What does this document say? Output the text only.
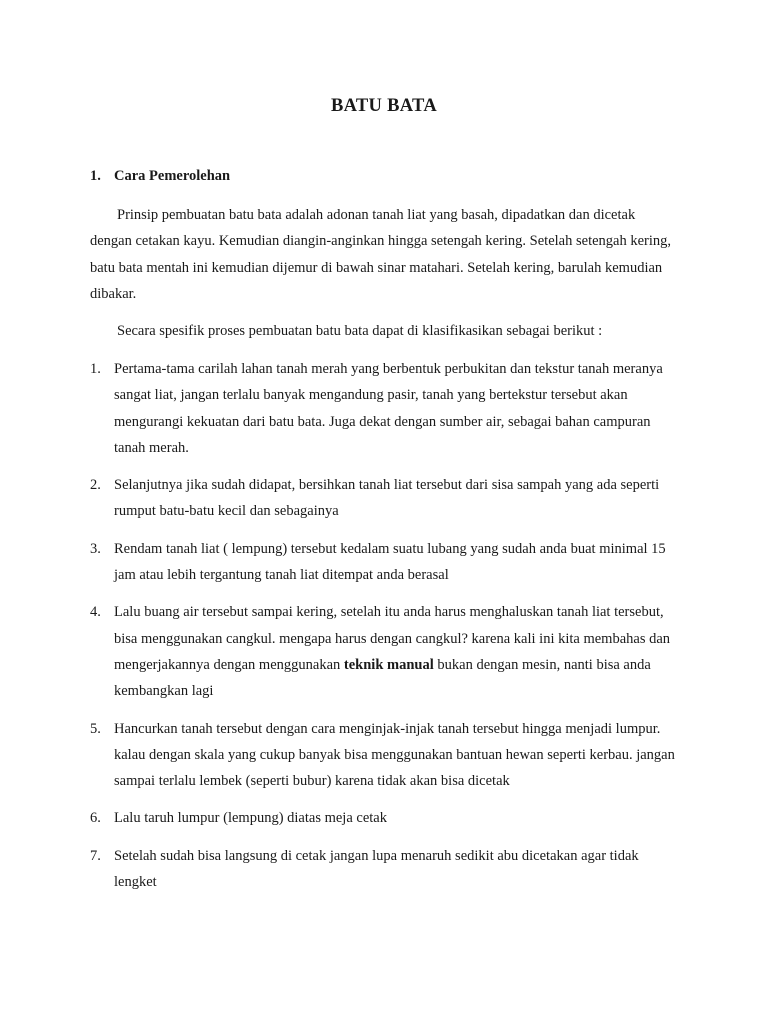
BATU BATA
1. Cara Pemerolehan

Prinsip pembuatan batu bata adalah adonan tanah liat yang basah, dipadatkan dan dicetak dengan cetakan kayu. Kemudian diangin-anginkan hingga setengah kering. Setelah setengah kering, batu bata mentah ini kemudian dijemur di bawah sinar matahari. Setelah kering, barulah kemudian dibakar.

Secara spesifik proses pembuatan batu bata dapat di klasifikasikan sebagai berikut :

1. Pertama-tama carilah lahan tanah merah yang berbentuk perbukitan dan tekstur tanah meranya sangat liat, jangan terlalu banyak mengandung pasir, tanah yang bertekstur tersebut akan mengurangi kekuatan dari batu bata. Juga dekat dengan sumber air, sebagai bahan campuran tanah merah.
2. Selanjutnya jika sudah didapat, bersihkan tanah liat tersebut dari sisa sampah yang ada seperti rumput batu-batu kecil dan sebagainya
3. Rendam tanah liat ( lempung) tersebut kedalam suatu lubang yang sudah anda buat minimal 15 jam atau lebih tergantung tanah liat ditempat anda berasal
4. Lalu buang air tersebut sampai kering, setelah itu anda harus menghaluskan tanah liat tersebut, bisa menggunakan cangkul. mengapa harus dengan cangkul? karena kali ini kita membahas dan mengerjakannya dengan menggunakan teknik manual bukan dengan mesin, nanti bisa anda kembangkan lagi
5. Hancurkan tanah tersebut dengan cara menginjak-injak tanah tersebut hingga menjadi lumpur. kalau dengan skala yang cukup banyak bisa menggunakan bantuan hewan seperti kerbau. jangan sampai terlalu lembek (seperti bubur) karena tidak akan bisa dicetak
6. Lalu taruh lumpur (lempung) diatas meja cetak
7. Setelah sudah bisa langsung di cetak jangan lupa menaruh sedikit abu dicetakan agar tidak lengket
